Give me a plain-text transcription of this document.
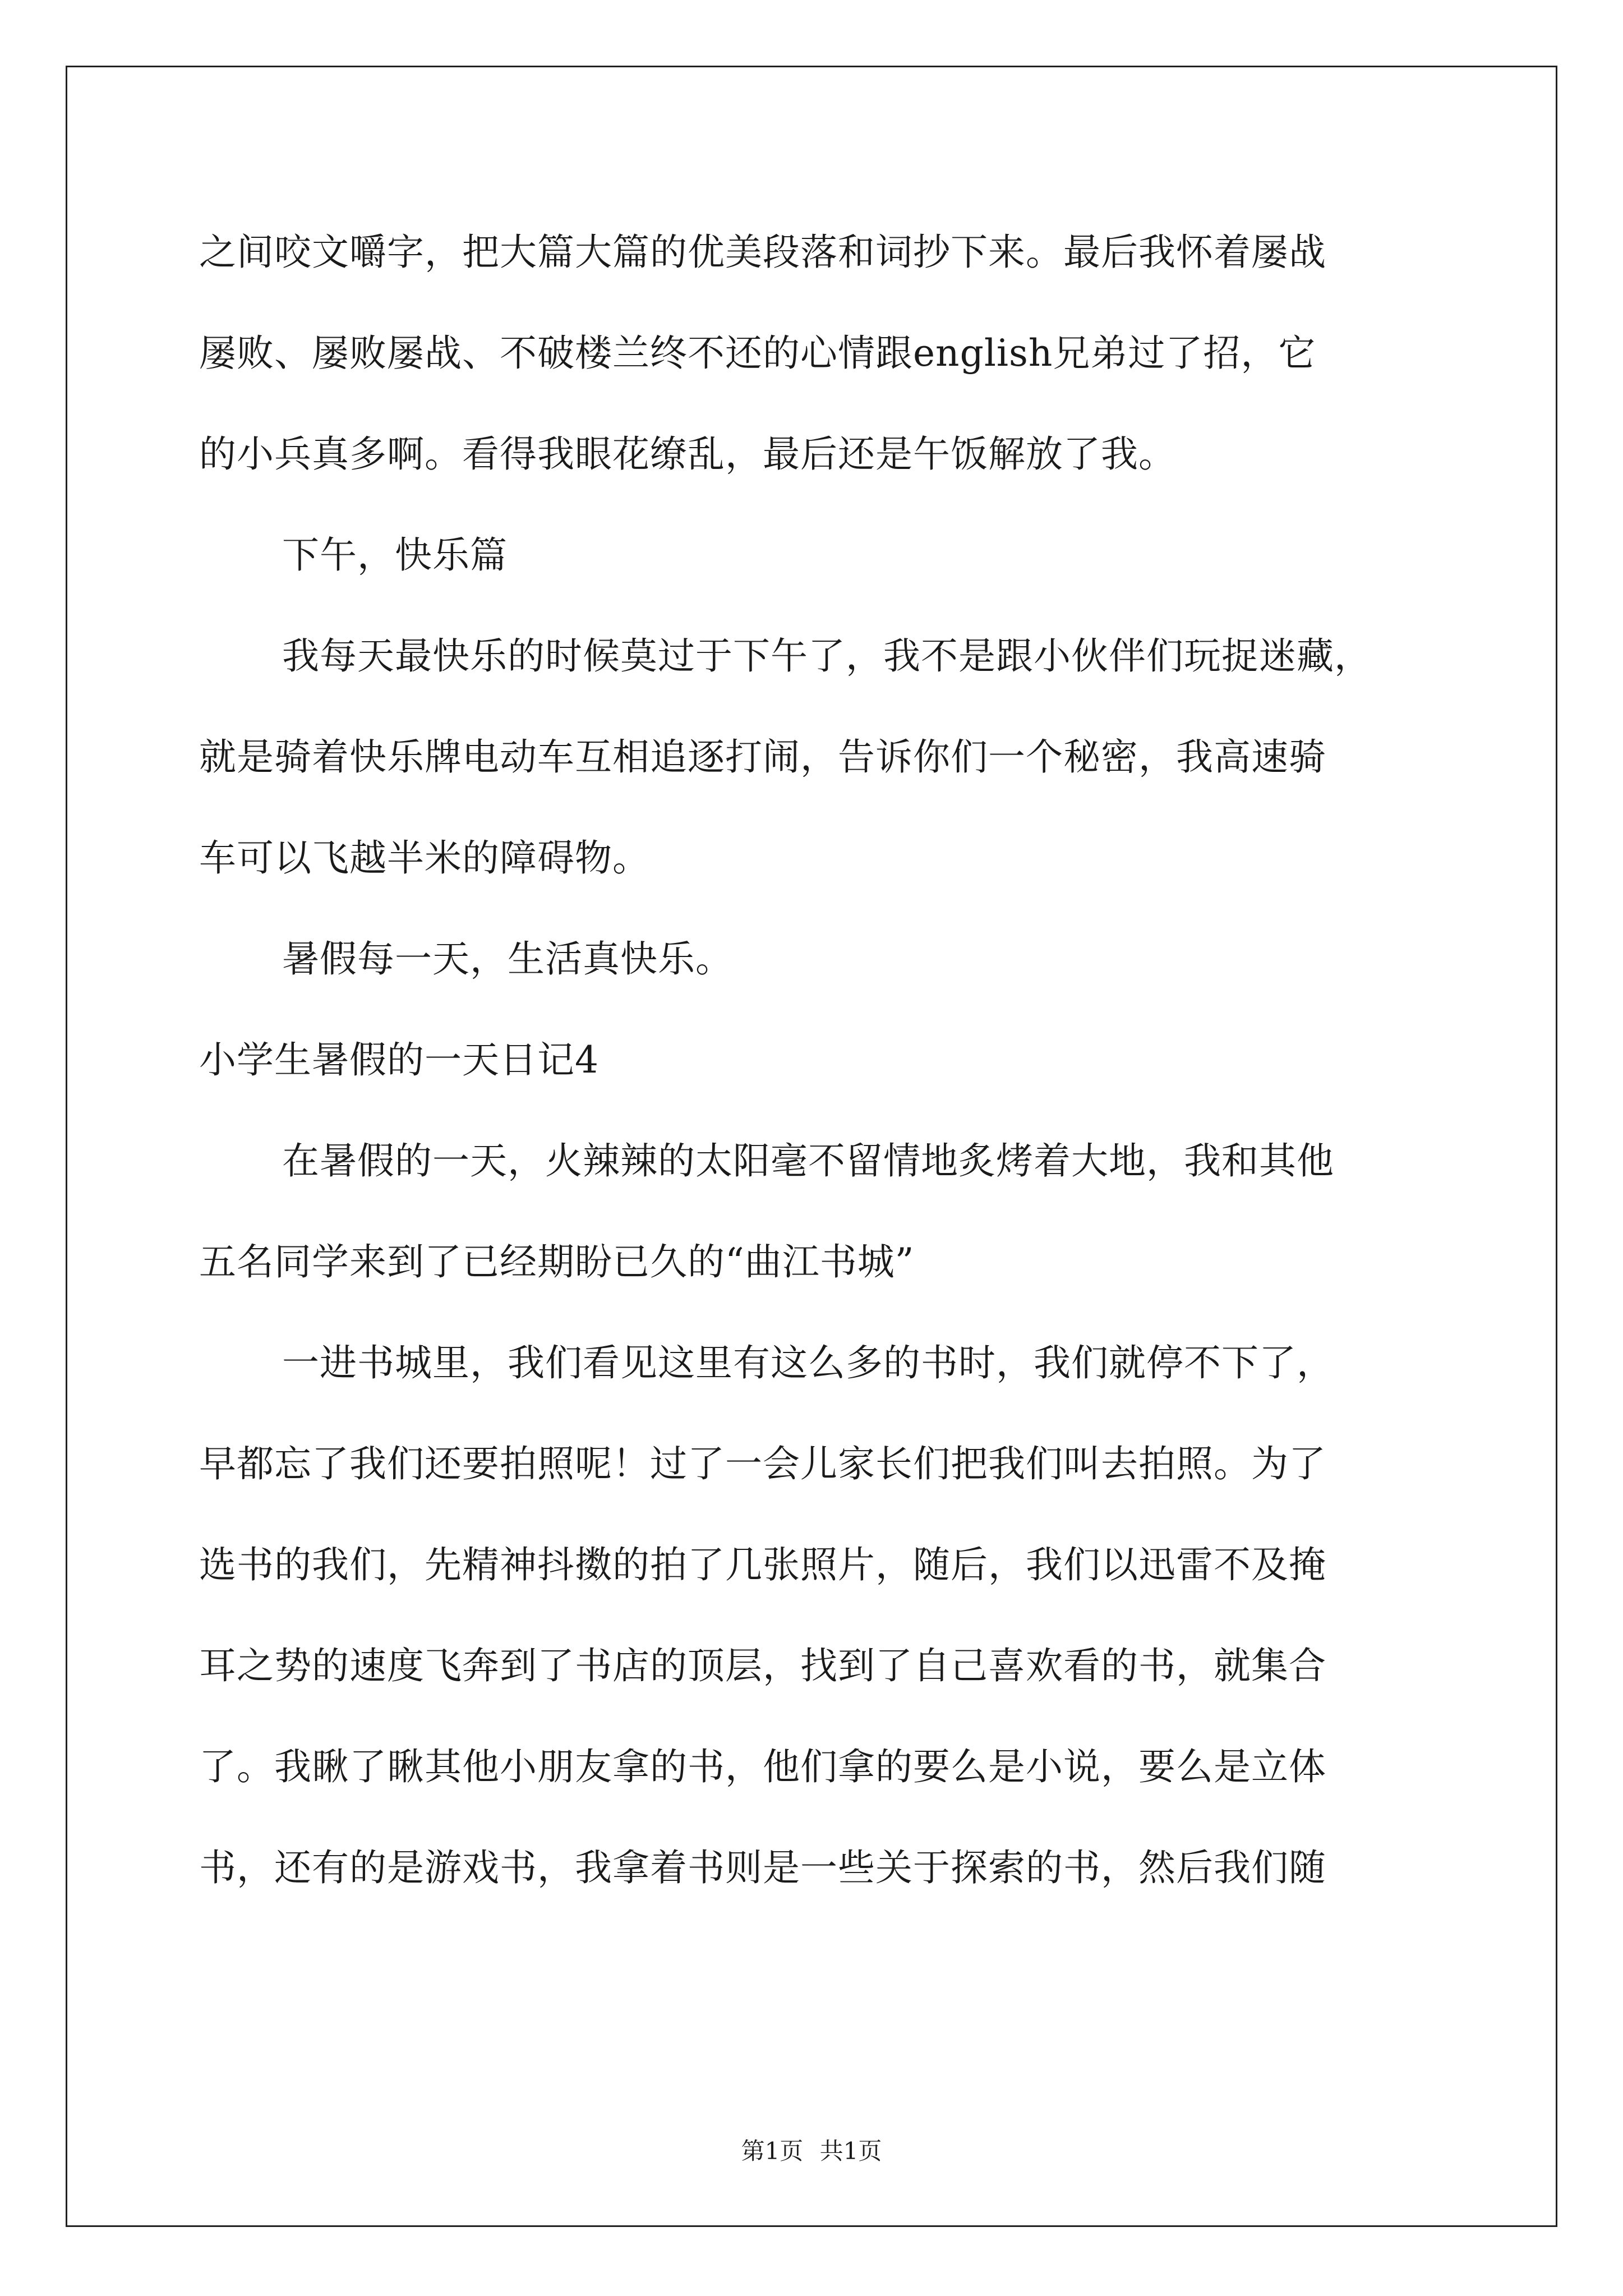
之间咬文嚼字，把大篇大篇的优美段落和词抄下来。最后我怀着屡战
屡败、屡败屡战、不破楼兰终不还的心情跟english兄弟过了招，它
的小兵真多啊。看得我眼花缭乱，最后还是午饭解放了我。
下午，快乐篇
我每天最快乐的时候莫过于下午了，我不是跟小伙伴们玩捉迷藏，
就是骑着快乐牌电动车互相追逐打闹，告诉你们一个秘密，我高速骑
车可以飞越半米的障碍物。
暑假每一天，生活真快乐。
小学生暑假的一天日记4
在暑假的一天，火辣辣的太阳毫不留情地炙烤着大地，我和其他
五名同学来到了已经期盼已久的“曲江书城”
一进书城里，我们看见这里有这么多的书时，我们就停不下了，
早都忘了我们还要拍照呢！过了一会儿家长们把我们叫去拍照。为了
选书的我们，先精神抖擞的拍了几张照片，随后，我们以迅雷不及掩
耳之势的速度飞奔到了书店的顶层，找到了自己喜欢看的书，就集合
了。我瞅了瞅其他小朋友拿的书，他们拿的要么是小说，要么是立体
书，还有的是游戏书，我拿着书则是一些关于探索的书，然后我们随
第1页 共1页
